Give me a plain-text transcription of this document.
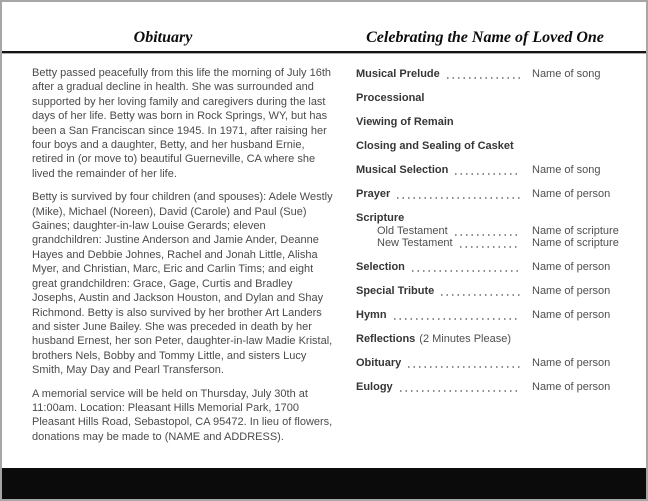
Obituary	Celebrating the Name of Loved One

Betty passed peacefully from this life the morning of July 16th after a gradual decline in health. She was surrounded and supported by her loving family and caregivers during the last days of her life. Betty was born in Rock Springs, WY, but has been a San Franciscan since 1945. In 1971, after raising her four boys and a daughter, Betty, and her husband Ernie, retired in (or move to) beautiful Guerneville, CA where she lived the remainder of her life.

Betty is survived by four children (and spouses): Adele Westly (Mike), Michael (Noreen), David (Carole) and Paul (Sue) Gaines; daughter-in-law Louise Gerards; eleven grandchildren: Justine Anderson and Jamie Ander, Deanne Hayes and Debbie Johnes, Rachel and Jonah Little, Alisha Myer, and Christian, Marc, Eric and Carlin Tims; and eight great grandchildren: Grace, Gage, Curtis and Bradley Josephs, Austin and Jackson Houston, and Dylan and Shay Richmond. Betty is also survived by her brother Art Landers and sister June Bailey. She was preceded in death by her husband Ernest, her son Peter, daughter-in-law Madie Kristal, brothers Nels, Bobby and Tommy Little, and sisters Lucy Smith, May Day and Pearl Transferson.

A memorial service will be held on Thursday, July 30th at 11:00am. Location: Pleasant Hills Memorial Park, 1700 Pleasant Hills Road, Sebastopol, CA 95472. In lieu of flowers, donations may be made to (NAME and ADDRESS).

Musical Prelude	Name of song
Processional
Viewing of Remain
Closing and Sealing of Casket
Musical Selection	Name of song
Prayer	Name of person
Scripture
Old Testament	Name of scripture
New Testament	Name of scripture
Selection	Name of person
Special Tribute	Name of person
Hymn	Name of person
Reflections (2 Minutes Please)
Obituary	Name of person
Eulogy	Name of person
